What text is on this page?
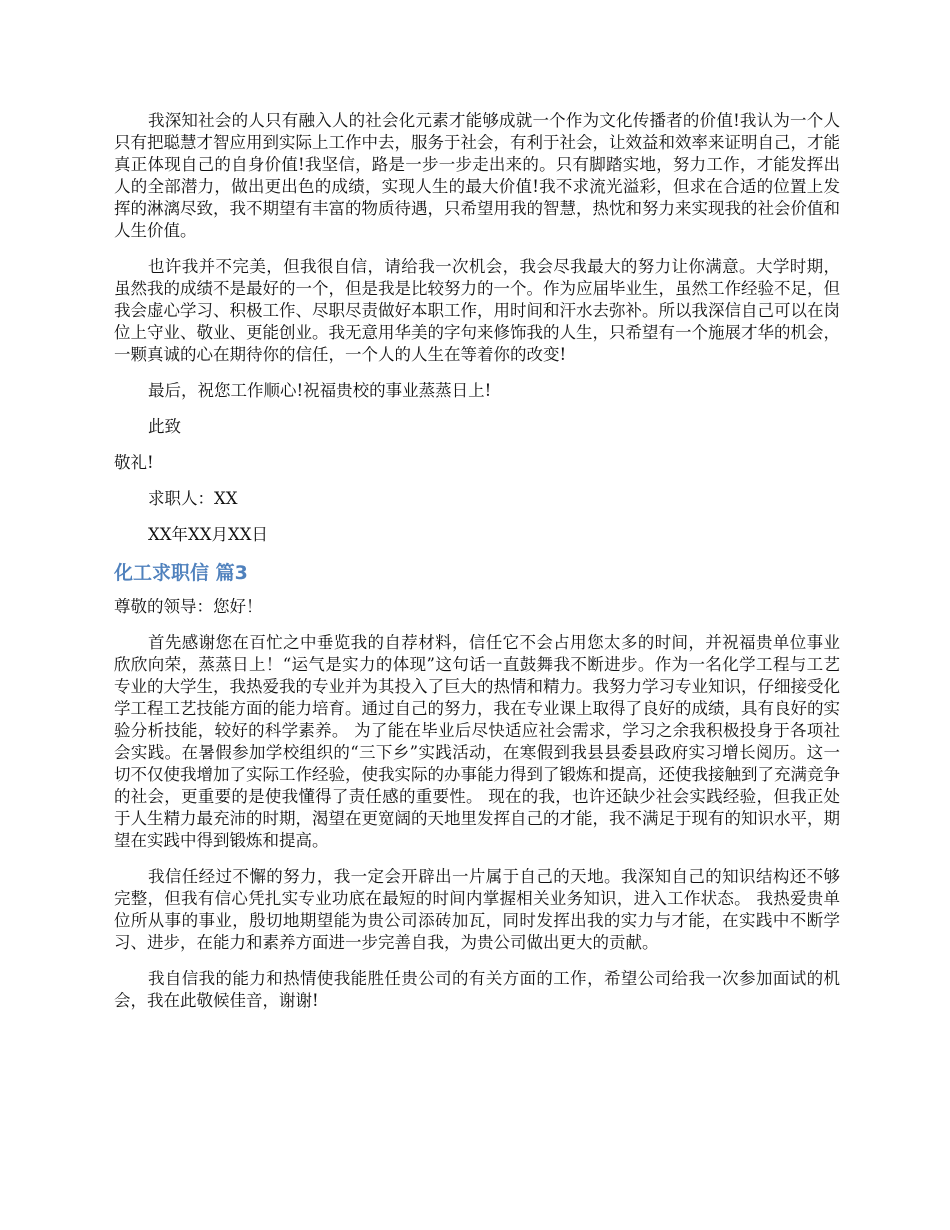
我深知社会的人只有融入人的社会化元素才能够成就一个作为文化传播者的价值!我认为一个人只有把聪慧才智应用到实际上工作中去，服务于社会，有利于社会，让效益和效率来证明自己，才能真正体现自己的自身价值!我坚信，路是一步一步走出来的。只有脚踏实地，努力工作，才能发挥出人的全部潜力，做出更出色的成绩，实现人生的最大价值!我不求流光溢彩，但求在合适的位置上发挥的淋漓尽致，我不期望有丰富的物质待遇，只希望用我的智慧，热忱和努力来实现我的社会价值和人生价值。

也许我并不完美，但我很自信，请给我一次机会，我会尽我最大的努力让你满意。大学时期，虽然我的成绩不是最好的一个，但是我是比较努力的一个。作为应届毕业生，虽然工作经验不足，但我会虚心学习、积极工作、尽职尽责做好本职工作，用时间和汗水去弥补。所以我深信自己可以在岗位上守业、敬业、更能创业。我无意用华美的字句来修饰我的人生，只希望有一个施展才华的机会，一颗真诚的心在期待你的信任，一个人的人生在等着你的改变!

最后，祝您工作顺心!祝福贵校的事业蒸蒸日上!

此致

敬礼!

求职人：XX

XX年XX月XX日

化工求职信 篇3

尊敬的领导：您好！

首先感谢您在百忙之中垂览我的自荐材料，信任它不会占用您太多的时间，并祝福贵单位事业欣欣向荣，蒸蒸日上！“运气是实力的体现”这句话一直鼓舞我不断进步。作为一名化学工程与工艺专业的大学生，我热爱我的专业并为其投入了巨大的热情和精力。我努力学习专业知识，仔细接受化学工程工艺技能方面的能力培育。通过自己的努力，我在专业课上取得了良好的成绩，具有良好的实验分析技能，较好的科学素养。 为了能在毕业后尽快适应社会需求，学习之余我积极投身于各项社会实践。在暑假参加学校组织的“三下乡”实践活动，在寒假到我县县委县政府实习增长阅历。这一切不仅使我增加了实际工作经验，使我实际的办事能力得到了锻炼和提高，还使我接触到了充满竞争的社会，更重要的是使我懂得了责任感的重要性。 现在的我，也许还缺少社会实践经验，但我正处于人生精力最充沛的时期，渴望在更宽阔的天地里发挥自己的才能，我不满足于现有的知识水平，期望在实践中得到锻炼和提高。

我信任经过不懈的努力，我一定会开辟出一片属于自己的天地。我深知自己的知识结构还不够完整，但我有信心凭扎实专业功底在最短的时间内掌握相关业务知识，进入工作状态。 我热爱贵单位所从事的事业，殷切地期望能为贵公司添砖加瓦，同时发挥出我的实力与才能，在实践中不断学习、进步，在能力和素养方面进一步完善自我，为贵公司做出更大的贡献。

我自信我的能力和热情使我能胜任贵公司的有关方面的工作，希望公司给我一次参加面试的机会，我在此敬候佳音，谢谢!
